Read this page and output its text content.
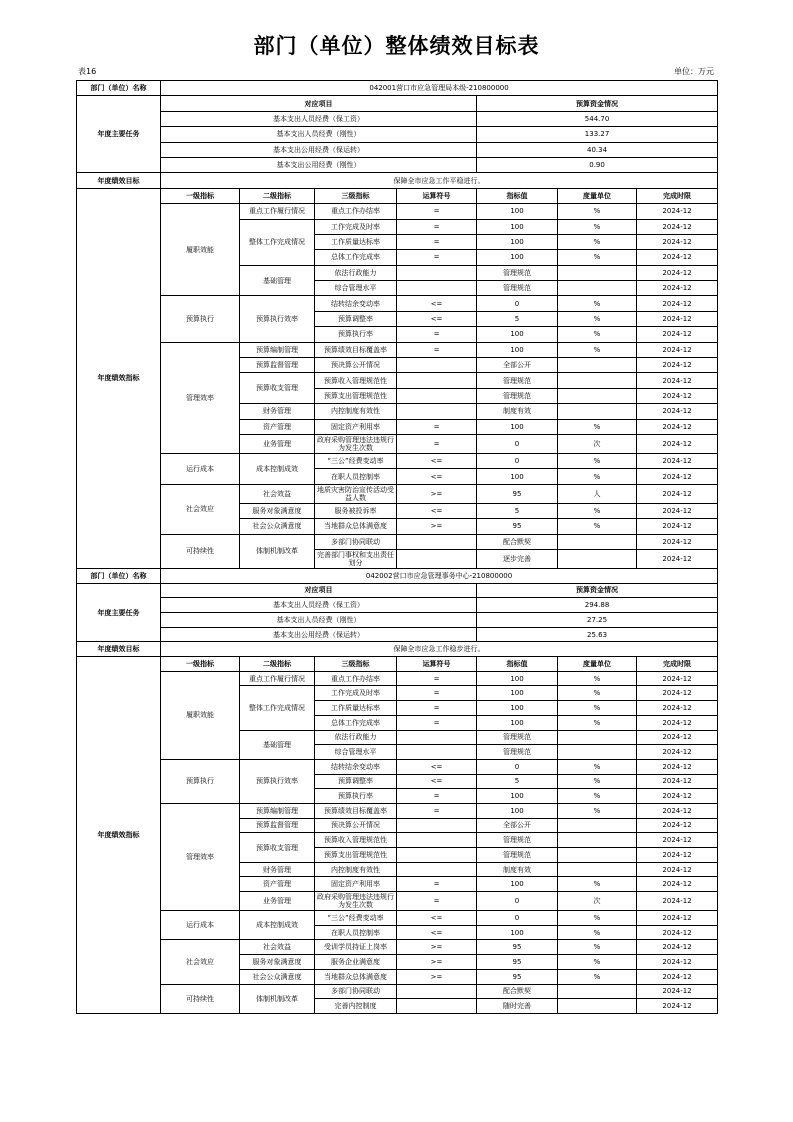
部门（单位）整体绩效目标表
表16	单位：万元
部门（单位）名称	042001营口市应急管理局本级-210800000						
年度主要任务	对应项目				预算资金情况		
	基本支出人员经费（保工资）				544.70		
	基本支出人员经费（刚性）				133.27		
	基本支出公用经费（保运转）				40.34		
	基本支出公用经费（刚性）				0.90		
年度绩效目标	保障全市应急工作平稳进行。						
年度绩效指标	一级指标	二级指标	三级指标	运算符号	指标值	度量单位	完成时限
	履职效能	重点工作履行情况	重点工作办结率	=	100	%	2024-12
		整体工作完成情况	工作完成及时率	=	100	%	2024-12
			工作质量达标率	=	100	%	2024-12
			总体工作完成率	=	100	%	2024-12
		基础管理	依法行政能力		管理规范		2024-12
			综合管理水平		管理规范		2024-12
	预算执行	预算执行效率	结转结余变动率	<=	0	%	2024-12
			预算调整率	<=	5	%	2024-12
			预算执行率	=	100	%	2024-12
	管理效率	预算编制管理	预算绩效目标覆盖率	=	100	%	2024-12
		预算监督管理	预决算公开情况		全部公开		2024-12
		预算收支管理	预算收入管理规范性		管理规范		2024-12
			预算支出管理规范性		管理规范		2024-12
		财务管理	内控制度有效性		制度有效		2024-12
		资产管理	固定资产利用率	=	100	%	2024-12
		业务管理	政府采购管理违法违规行为发生次数	=	0	次	2024-12
	运行成本	成本控制成效	“三公”经费变动率	<=	0	%	2024-12
			在职人员控制率	<=	100	%	2024-12
	社会效应	社会效益	地质灾害防治宣传活动受益人数	>=	95	人	2024-12
		服务对象满意度	服务被投诉率	<=	5	%	2024-12
		社会公众满意度	当地群众总体满意度	>=	95	%	2024-12
	可持续性	体制机制改革	多部门协同联动		配合默契		2024-12
			完善部门事权和支出责任划分		逐步完善		2024-12
部门（单位）名称	042002营口市应急管理事务中心-210800000						
年度主要任务	对应项目				预算资金情况		
	基本支出人员经费（保工资）				294.88		
	基本支出人员经费（刚性）				27.25		
	基本支出公用经费（保运转）				25.63		
年度绩效目标	保障全市应急工作稳步进行。						
年度绩效指标	一级指标	二级指标	三级指标	运算符号	指标值	度量单位	完成时限
	履职效能	重点工作履行情况	重点工作办结率	=	100	%	2024-12
		整体工作完成情况	工作完成及时率	=	100	%	2024-12
			工作质量达标率	=	100	%	2024-12
			总体工作完成率	=	100	%	2024-12
		基础管理	依法行政能力		管理规范		2024-12
			综合管理水平		管理规范		2024-12
	预算执行	预算执行效率	结转结余变动率	<=	0	%	2024-12
			预算调整率	<=	5	%	2024-12
			预算执行率	=	100	%	2024-12
	管理效率	预算编制管理	预算绩效目标覆盖率	=	100	%	2024-12
		预算监督管理	预决算公开情况		全部公开		2024-12
		预算收支管理	预算收入管理规范性		管理规范		2024-12
			预算支出管理规范性		管理规范		2024-12
		财务管理	内控制度有效性		制度有效		2024-12
		资产管理	固定资产利用率	=	100	%	2024-12
		业务管理	政府采购管理违法违规行为发生次数	=	0	次	2024-12
	运行成本	成本控制成效	“三公”经费变动率	<=	0	%	2024-12
			在职人员控制率	<=	100	%	2024-12
	社会效应	社会效益	受训学员持证上岗率	>=	95	%	2024-12
		服务对象满意度	服务企业满意度	>=	95	%	2024-12
		社会公众满意度	当地群众总体满意度	>=	95	%	2024-12
	可持续性	体制机制改革	多部门协同联动		配合默契		2024-12
			完善内控制度		随时完善		2024-12
